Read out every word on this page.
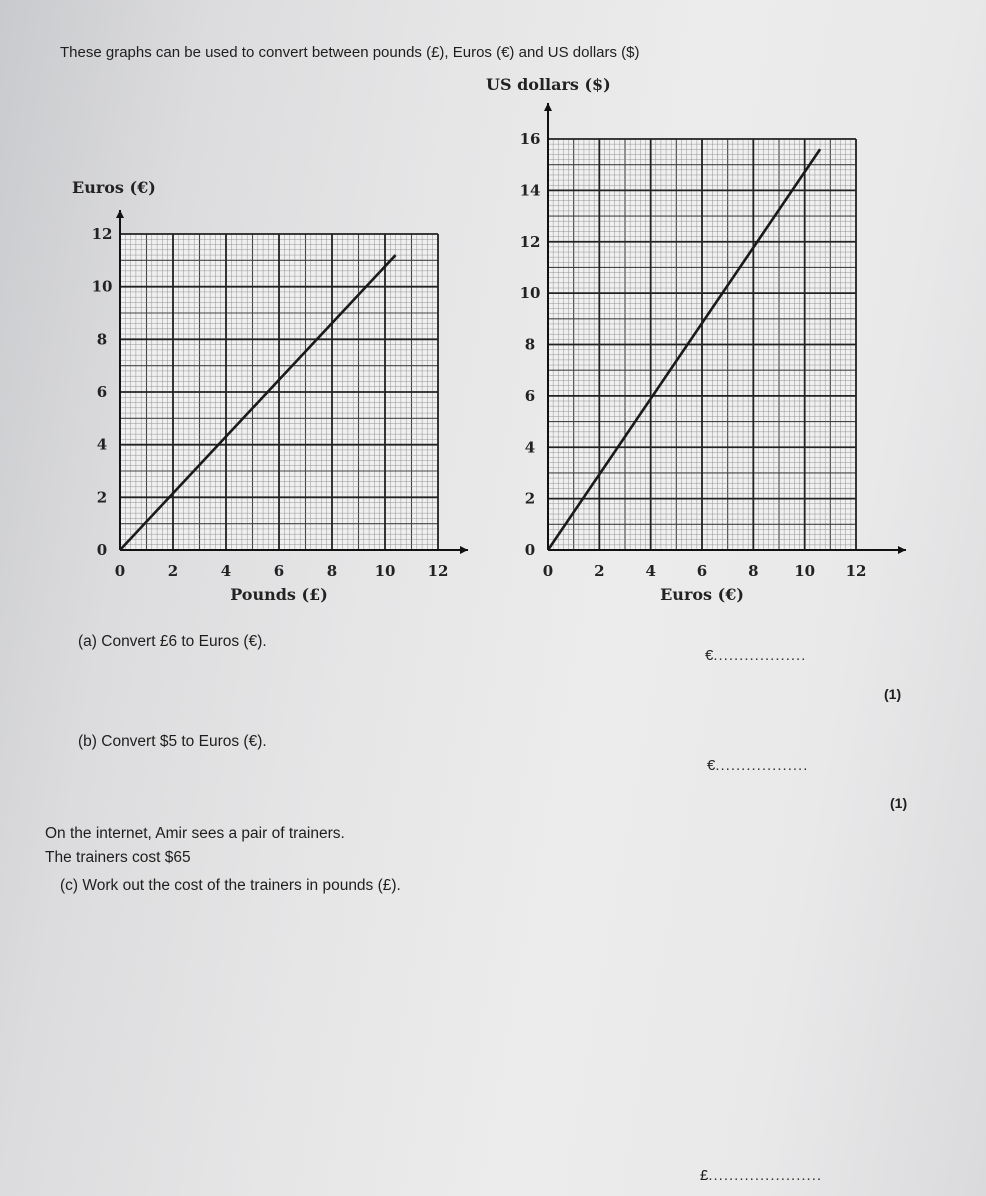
These graphs can be used to convert between pounds (£), Euros (€) and US dollars ($)
0	2	4	6	8 10 12
0
2
4
6
8
10
12
Pounds (£)
Euros (€)
0	2	4	6	8 10 12
0
2
4
6
8
10
12
14
16
Euros (€)
US dollars ($)
(a) Convert £6 to Euros (€).
€..................
(1)
(b) Convert $5 to Euros (€).
€..................
(1)
On the internet, Amir sees a pair of trainers.
The trainers cost $65
(c) Work out the cost of the trainers in pounds (£).
£......................
